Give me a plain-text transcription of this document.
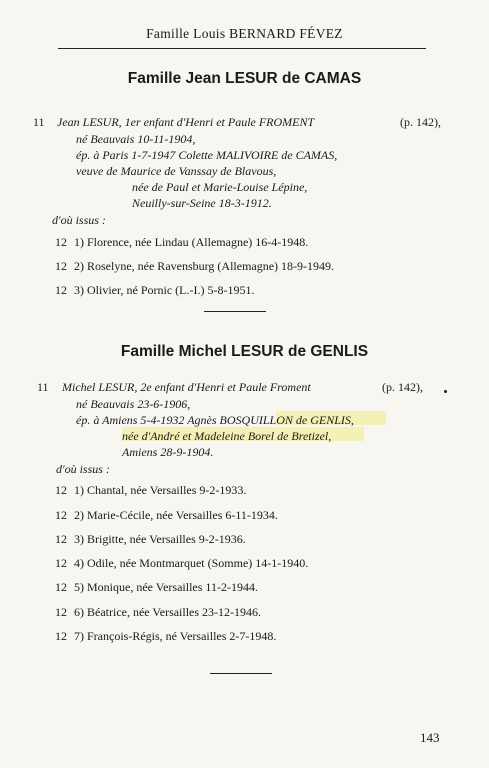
Famille Louis BERNARD FÉVEZ
Famille Jean LESUR de CAMAS
11 Jean LESUR, 1er enfant d'Henri et Paule FROMENT	(p. 142),
né Beauvais 10-11-1904,
ép. à Paris 1-7-1947 Colette MALIVOIRE de CAMAS,
veuve de Maurice de Vanssay de Blavous,
née de Paul et Marie-Louise Lépine,
Neuilly-sur-Seine 18-3-1912.
d'où issus :
12 1) Florence, née Lindau (Allemagne) 16-4-1948.
12 2) Roselyne, née Ravensburg (Allemagne) 18-9-1949.
12 3) Olivier, né Pornic (L.-I.) 5-8-1951.
Famille Michel LESUR de GENLIS
11 Michel LESUR, 2e enfant d'Henri et Paule Froment	(p. 142),
né Beauvais 23-6-1906,
ép. à Amiens 5-4-1932 Agnès BOSQUILLON de GENLIS,
née d'André et Madeleine Borel de Bretizel,
Amiens 28-9-1904.
d'où issus :
12 1) Chantal, née Versailles 9-2-1933.
12 2) Marie-Cécile, née Versailles 6-11-1934.
12 3) Brigitte, née Versailles 9-2-1936.
12 4) Odile, née Montmarquet (Somme) 14-1-1940.
12 5) Monique, née Versailles 11-2-1944.
12 6) Béatrice, née Versailles 23-12-1946.
12 7) François-Régis, né Versailles 2-7-1948.
143
